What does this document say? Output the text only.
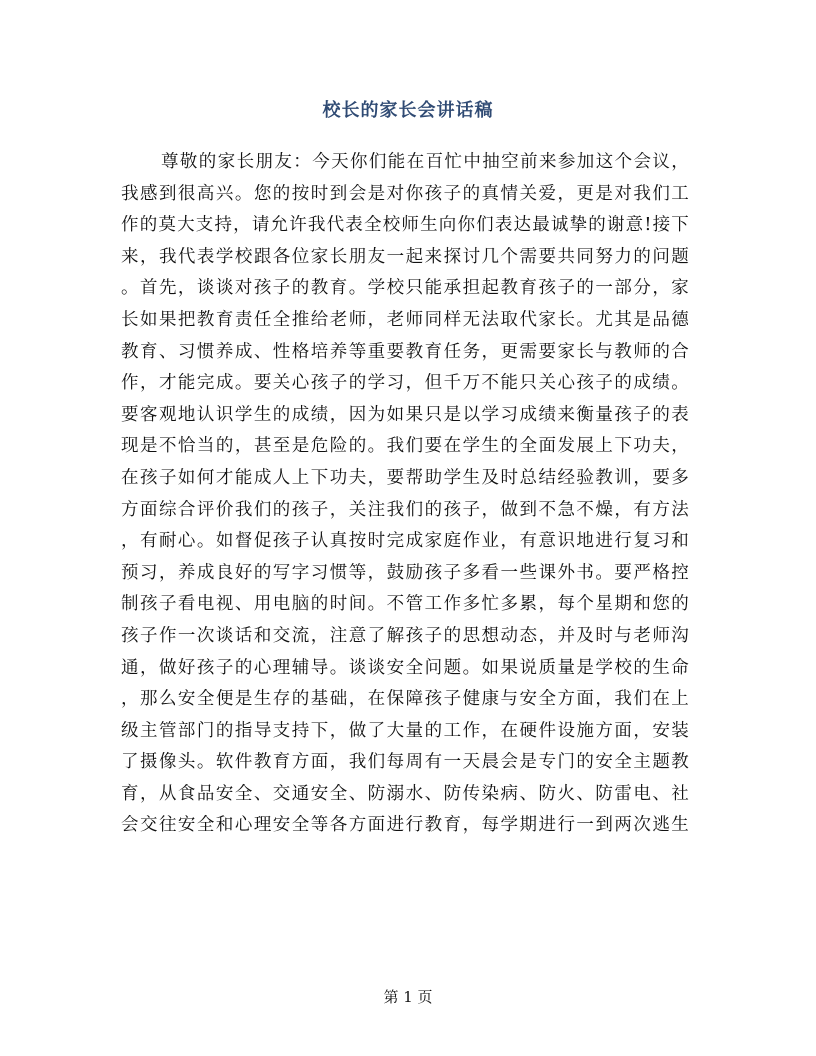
校长的家长会讲话稿
尊敬的家长朋友：今天你们能在百忙中抽空前来参加这个会议，
我感到很高兴。您的按时到会是对你孩子的真情关爱，更是对我们工
作的莫大支持，请允许我代表全校师生向你们表达最诚挚的谢意!接下
来，我代表学校跟各位家长朋友一起来探讨几个需要共同努力的问题
。首先，谈谈对孩子的教育。学校只能承担起教育孩子的一部分，家
长如果把教育责任全推给老师，老师同样无法取代家长。尤其是品德
教育、习惯养成、性格培养等重要教育任务，更需要家长与教师的合
作，才能完成。要关心孩子的学习，但千万不能只关心孩子的成绩。
要客观地认识学生的成绩，因为如果只是以学习成绩来衡量孩子的表
现是不恰当的，甚至是危险的。我们要在学生的全面发展上下功夫，
在孩子如何才能成人上下功夫，要帮助学生及时总结经验教训，要多
方面综合评价我们的孩子，关注我们的孩子，做到不急不燥，有方法
，有耐心。如督促孩子认真按时完成家庭作业，有意识地进行复习和
预习，养成良好的写字习惯等，鼓励孩子多看一些课外书。要严格控
制孩子看电视、用电脑的时间。不管工作多忙多累，每个星期和您的
孩子作一次谈话和交流，注意了解孩子的思想动态，并及时与老师沟
通，做好孩子的心理辅导。谈谈安全问题。如果说质量是学校的生命
，那么安全便是生存的基础，在保障孩子健康与安全方面，我们在上
级主管部门的指导支持下，做了大量的工作，在硬件设施方面，安装
了摄像头。软件教育方面，我们每周有一天晨会是专门的安全主题教
育，从食品安全、交通安全、防溺水、防传染病、防火、防雷电、社
会交往安全和心理安全等各方面进行教育，每学期进行一到两次逃生
第 1 页
